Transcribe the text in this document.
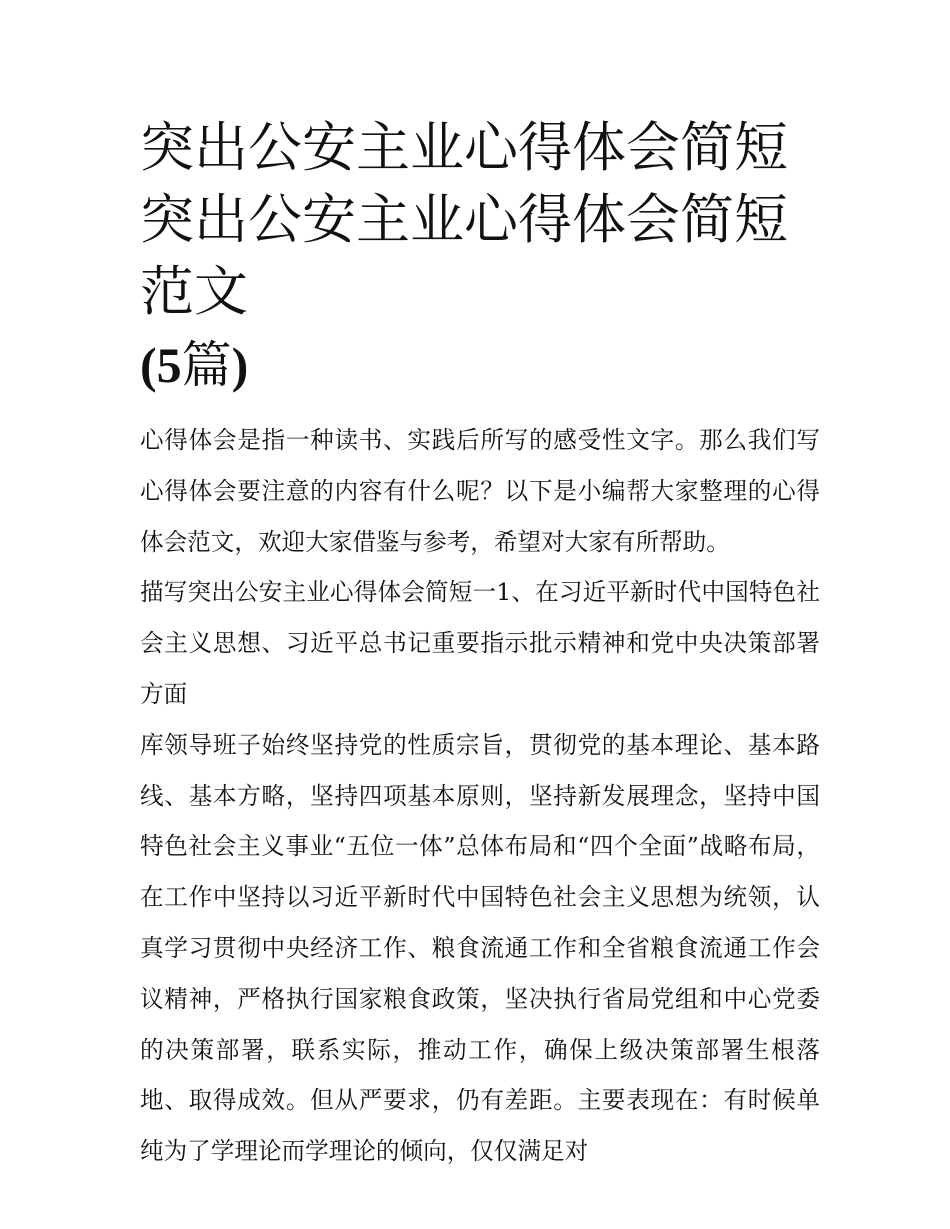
突出公安主业心得体会简短 突出公安主业心得体会简短范文
(5篇)

心得体会是指一种读书、实践后所写的感受性文字。那么我们写心得体会要注意的内容有什么呢？以下是小编帮大家整理的心得体会范文，欢迎大家借鉴与参考，希望对大家有所帮助。

描写突出公安主业心得体会简短一1、在习近平新时代中国特色社会主义思想、习近平总书记重要指示批示精神和党中央决策部署方面

库领导班子始终坚持党的性质宗旨，贯彻党的基本理论、基本路线、基本方略，坚持四项基本原则，坚持新发展理念，坚持中国特色社会主义事业“五位一体”总体布局和“四个全面”战略布局，在工作中坚持以习近平新时代中国特色社会主义思想为统领，认真学习贯彻中央经济工作、粮食流通工作和全省粮食流通工作会议精神，严格执行国家粮食政策，坚决执行省局党组和中心党委的决策部署，联系实际，推动工作，确保上级决策部署生根落地、取得成效。但从严要求，仍有差距。主要表现在：有时候单纯为了学理论而学理论的倾向，仅仅满足对
